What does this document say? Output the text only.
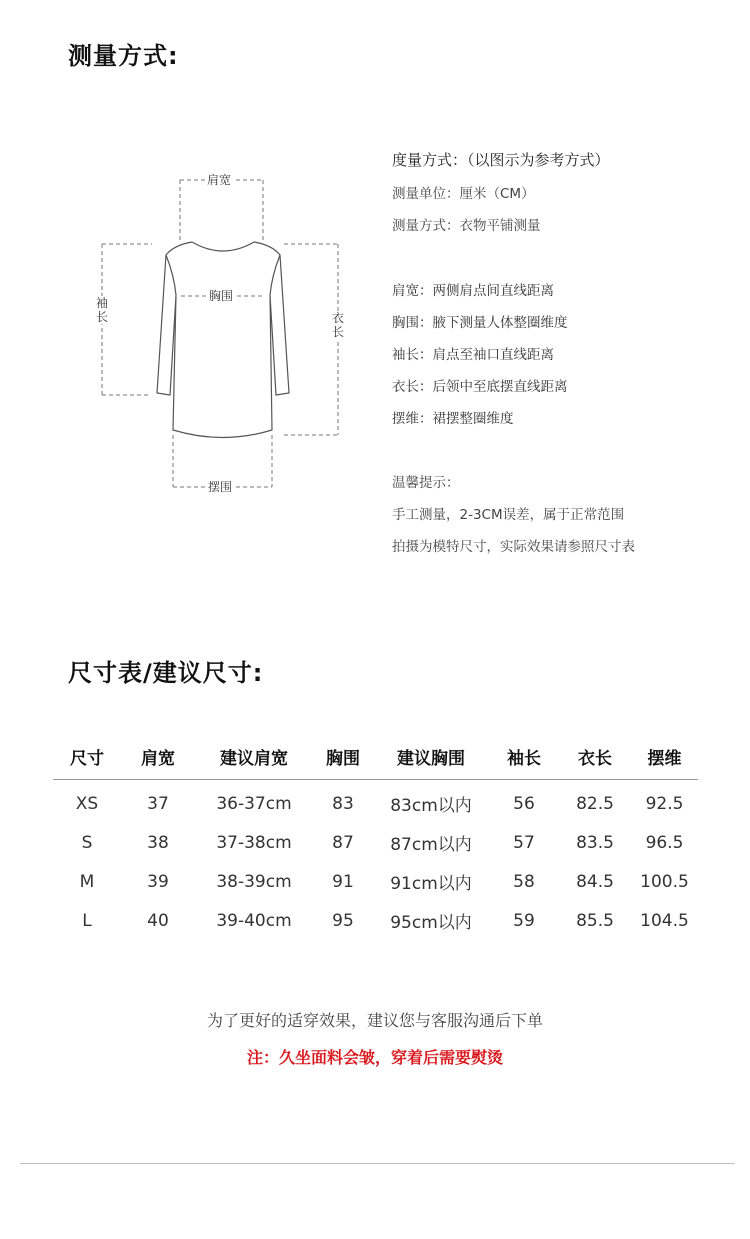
测量方式:
肩宽
胸围
袖长	衣长
摆围
度量方式：（以图示为参考方式）
测量单位：厘米（CM）
测量方式：衣物平铺测量
肩宽：两侧肩点间直线距离
胸围：腋下测量人体整圈维度
袖长：肩点至袖口直线距离
衣长：后领中至底摆直线距离
摆维：裙摆整圈维度
温馨提示：
手工测量，2-3CM误差，属于正常范围
拍摄为模特尺寸，实际效果请参照尺寸表
尺寸表/建议尺寸:
尺寸	肩宽	建议肩宽	胸围	建议胸围	袖长	衣长	摆维
XS	37	36-37cm	83	83cm以内	56	82.5	92.5
S	38	37-38cm	87	87cm以内	57	83.5	96.5
M	39	38-39cm	91	91cm以内	58	84.5	100.5
L	40	39-40cm	95	95cm以内	59	85.5	104.5
为了更好的适穿效果，建议您与客服沟通后下单
注：久坐面料会皱，穿着后需要熨烫
